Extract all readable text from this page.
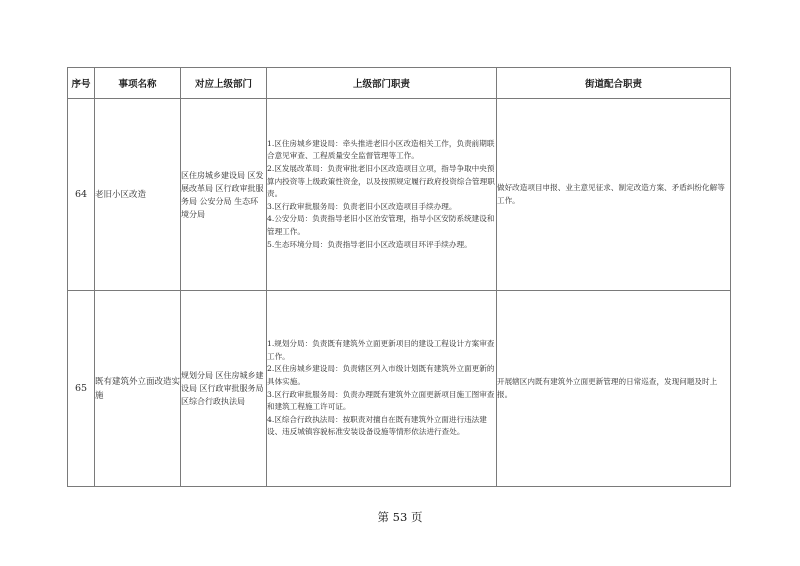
序号	事项名称	对应上级部门	上级部门职责	街道配合职责
64	老旧小区改造	区住房城乡建设局 区发展改革局 区行政审批服务局 公安分局 生态环境分局	1.区住房城乡建设局：牵头推进老旧小区改造相关工作，负责前期联合意见审查、工程质量安全监督管理等工作。
2.区发展改革局：负责审批老旧小区改造项目立项，指导争取中央预算内投资等上级政策性资金，以及按照规定履行政府投资综合管理职责。
3.区行政审批服务局：负责老旧小区改造项目手续办理。
4.公安分局：负责指导老旧小区治安管理，指导小区安防系统建设和管理工作。
5.生态环境分局：负责指导老旧小区改造项目环评手续办理。	做好改造项目申报、业主意见征求、制定改造方案、矛盾纠纷化解等工作。
65	既有建筑外立面改造实施	规划分局 区住房城乡建设局 区行政审批服务局 区综合行政执法局	1.规划分局：负责既有建筑外立面更新项目的建设工程设计方案审查工作。
2.区住房城乡建设局：负责辖区列入市级计划既有建筑外立面更新的具体实施。
3.区行政审批服务局：负责办理既有建筑外立面更新项目施工图审查和建筑工程施工许可证。
4.区综合行政执法局：按职责对擅自在既有建筑外立面进行违法建设、违反城镇容貌标准安装设备设施等情形依法进行查处。	开展辖区内既有建筑外立面更新管理的日常巡查，发现问题及时上报。
第 53 页
